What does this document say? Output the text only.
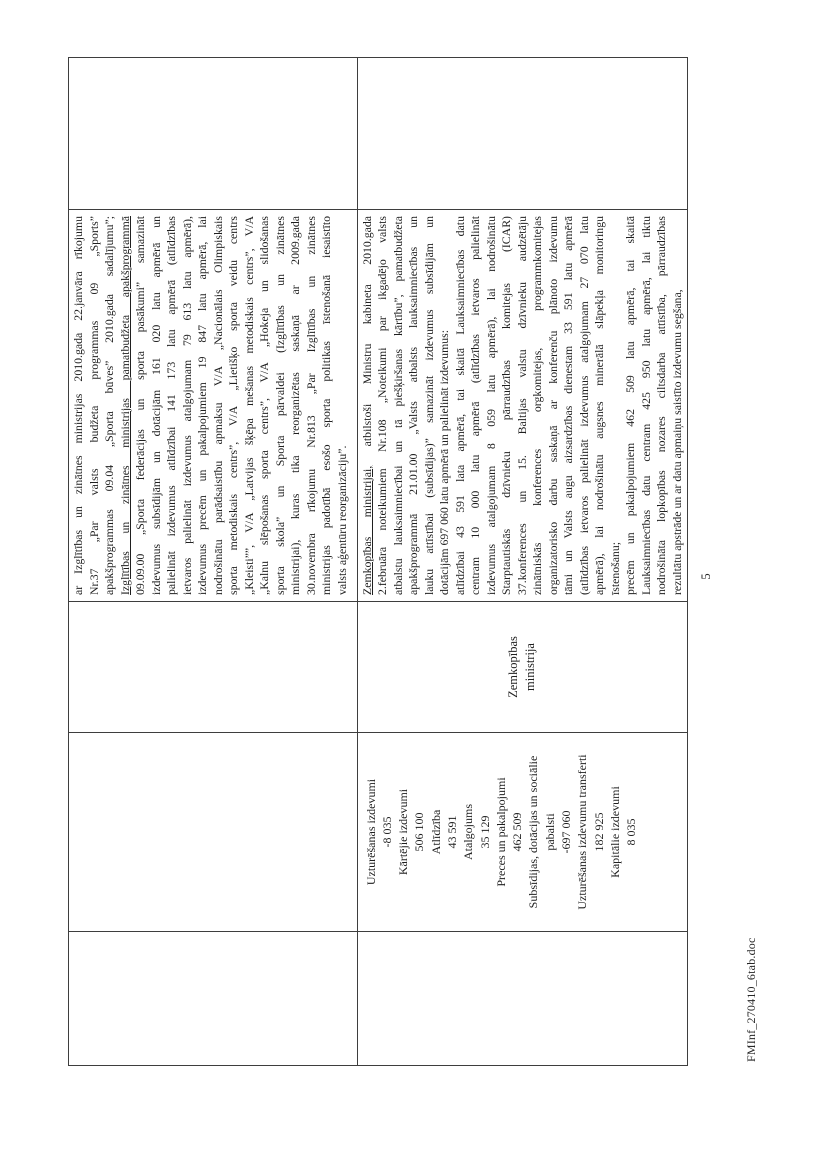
ar Izglītības un zinātnes ministrijas 2010.gada 22.janvāra rīkojumu Nr.37 „Par valsts budžeta programmas 09 „Sports” apakšprogrammas 09.04 „Sporta būves” 2010.gada sadalījumu”; Izglītības un zinātnes ministrijas pamatbudžeta apakšprogrammā 09.09.00 „Sporta federācijas un sporta pasākumi” samazināt izdevumus subsīdijām un dotācijām 161 020 latu apmērā un palielināt izdevumus atlīdzībai 141 173 latu apmērā (atlīdzības ietvaros palielināt izdevumus atalgojumam 79 613 latu apmērā), izdevumus precēm un pakalpojumiem 19 847 latu apmērā, lai nodrošinātu parādsaistību apmaksu V/A „Nacionālais Olimpiskais sporta metodiskais centrs”, V/A „Lietišķo sporta veidu centrs „Kleisti””, V/A „Latvijas šķēpa mešanas metodiskais centrs”, V/A „Kalnu slēpošanas sporta centrs”, V/A „Hokeja un slidošanas sporta skola” un Sporta pārvaldei (Izglītības un zinātnes ministrijai), kuras tika reorganizētas saskaņā ar 2009.gada 30.novembra rīkojumu Nr.813 „Par Izglītības un zinātnes ministrijas padotībā esošo sporta politikas īstenošanā iesaistīto valsts aģentūru reorganizāciju”.
Uzturēšanas izdevumi -8 035 Kārtējie izdevumi 506 100 Atlīdzība 43 591 Atalgojums 35 129 Preces un pakalpojumi 462 509 Subsīdijas, dotācijas un sociālie pabalsti -697 060 Uzturēšanas izdevumu transferti 182 925 Kapitālie izdevumi 8 035
Zemkopības ministrija
Zemkopības ministrijai, atbilstoši Ministru kabineta 2010.gada 2.februāra noteikumiem Nr.108 „Noteikumi par ikgadējo valsts atbalstu lauksaimniecībai un tā piešķiršanas kārtību”, pamatbudžeta apakšprogrammā 21.01.00 „Valsts atbalsts lauksaimniecības un lauku attīstībai (subsīdijas)” samazināt izdevumus subsīdijām un dotācijām 697 060 latu apmērā un palielināt izdevumus: atlīdzībai 43 591 lata apmērā, tai skaitā Lauksaimniecības datu centram 10 000 latu apmērā (atlīdzības ietvaros palielināt izdevumus atalgojumam 8 059 latu apmērā), lai nodrošinātu Starptautiskās dzīvnieku pārraudzības komitejas (ICAR) 37.konferences un 15. Baltijas valstu dzīvnieku audzētāju zinātniskās konferences orgkomitejas, programmkomitejas organizatorisko darbu saskaņā ar konferenču plānoto izdevumu tāmi un Valsts augu aizsardzības dienestam 33 591 latu apmērā (atlīdzības ietvaros palielināt izdevumus atalgojumam 27 070 latu apmērā), lai nodrošinātu augsnes minerālā slāpekļa monitoringu īstenošanu; precēm un pakalpojumiem 462 509 latu apmērā, tai skaitā Lauksaimniecības datu centram 425 950 latu apmērā, lai tiktu nodrošināta lopkopības nozares ciltsdarba attīstība, pārraudzības rezultātu apstrāde un ar datu apmaiņu saistīto izdevumu segšana, 5
FMInf_270410_6tab.doc
